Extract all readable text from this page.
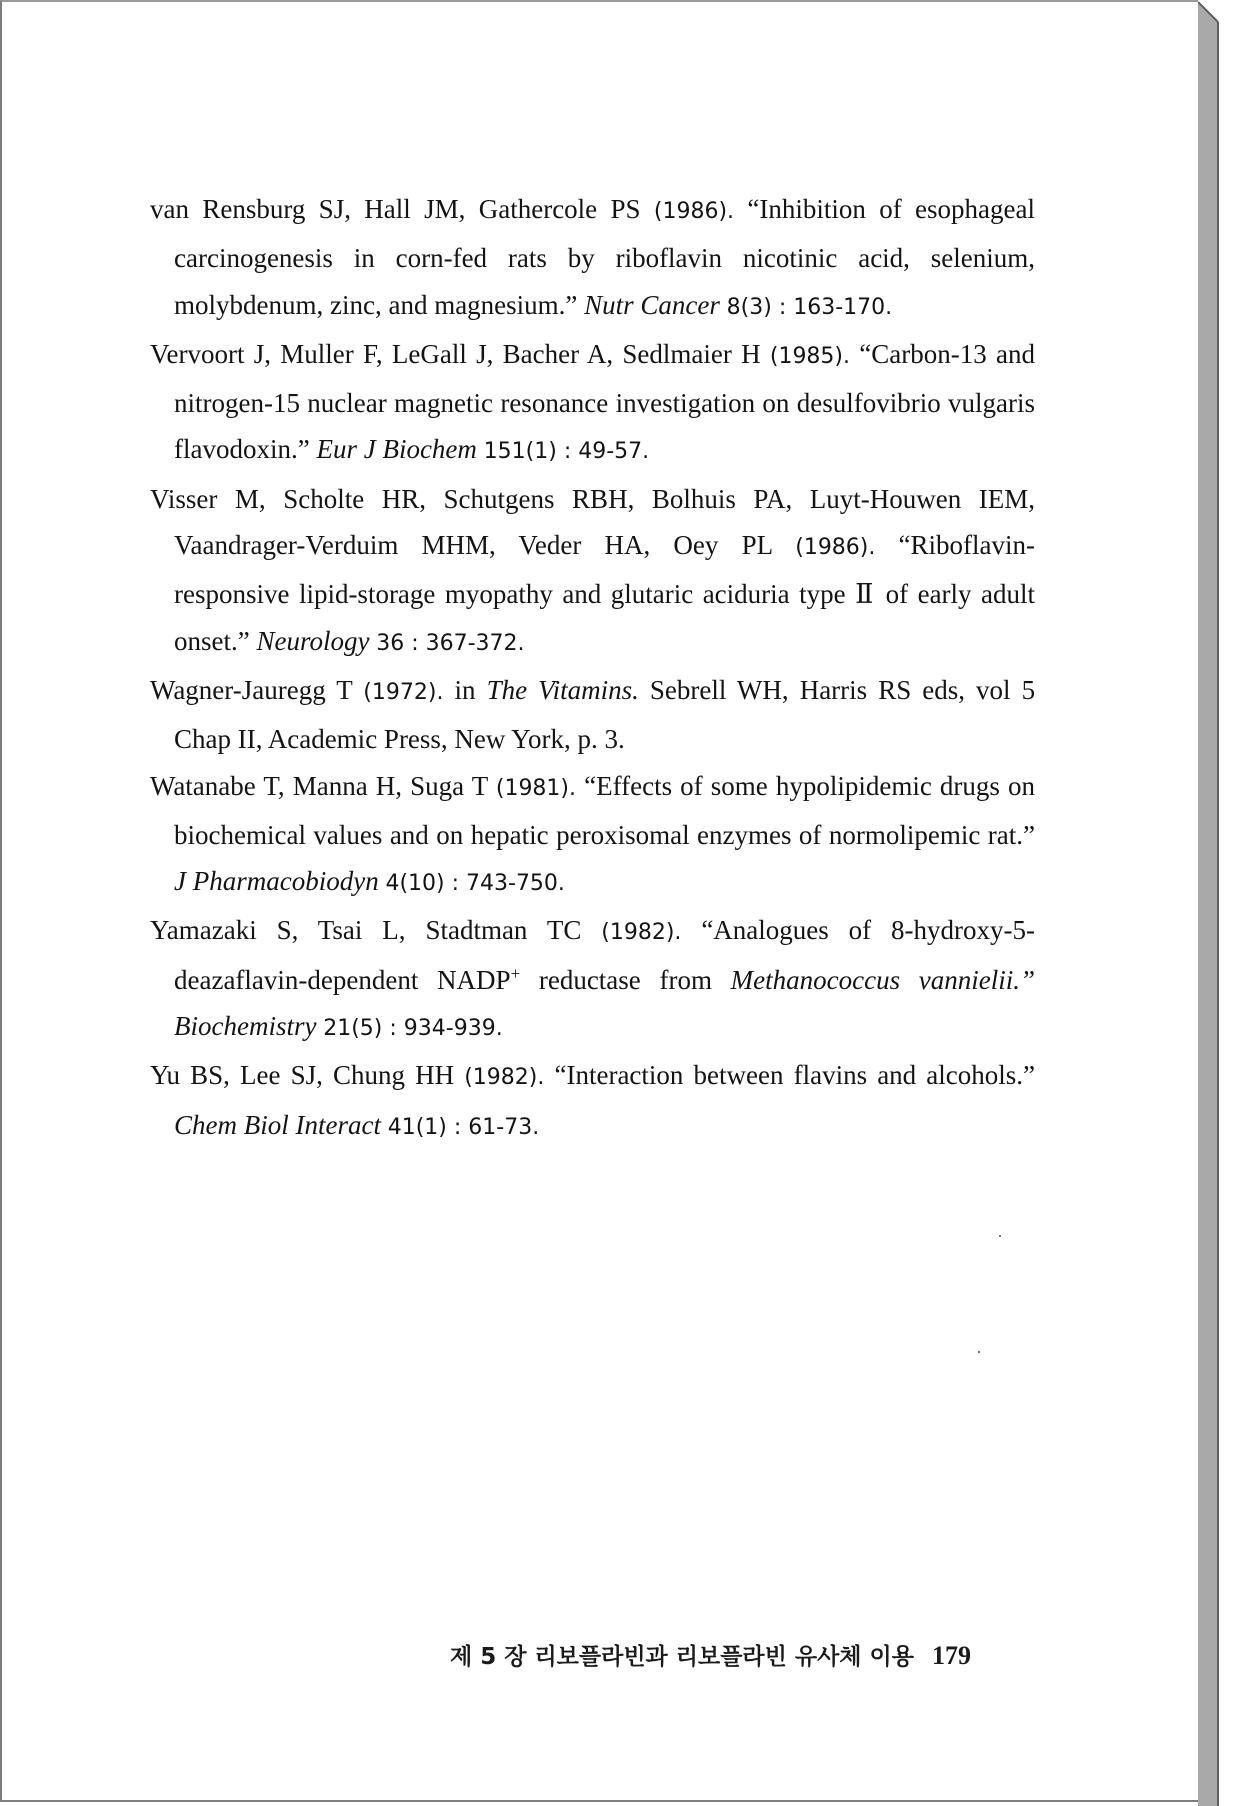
van Rensburg SJ, Hall JM, Gathercole PS (1986). “Inhibition of esophageal carcinogenesis in corn-fed rats by riboflavin nicotinic acid, selenium, molybdenum, zinc, and magnesium.” Nutr Cancer 8(3) : 163-170.

Vervoort J, Muller F, LeGall J, Bacher A, Sedlmaier H (1985). “Carbon-13 and nitrogen-15 nuclear magnetic resonance investigation on desulfovibrio vulgaris flavodoxin.” Eur J Biochem 151(1) : 49-57.

Visser M, Scholte HR, Schutgens RBH, Bolhuis PA, Luyt-Houwen IEM, Vaandrager-Verduim MHM, Veder HA, Oey PL (1986). “Riboflavin-responsive lipid-storage myopathy and glutaric aciduria type Ⅱ of early adult onset.” Neurology 36 : 367-372.

Wagner-Jauregg T (1972). in The Vitamins. Sebrell WH, Harris RS eds, vol 5 Chap II, Academic Press, New York, p. 3.

Watanabe T, Manna H, Suga T (1981). “Effects of some hypolipidemic drugs on biochemical values and on hepatic peroxisomal enzymes of normolipemic rat.” J Pharmacobiodyn 4(10) : 743-750.

Yamazaki S, Tsai L, Stadtman TC (1982). “Analogues of 8-hydroxy-5-deazaflavin-dependent NADP+ reductase from Methanococcus vannielii.” Biochemistry 21(5) : 934-939.

Yu BS, Lee SJ, Chung HH (1982). “Interaction between flavins and alcohols.” Chem Biol Interact 41(1) : 61-73.

제 5 장 리보플라빈과 리보플라빈 유사체 이용 179
